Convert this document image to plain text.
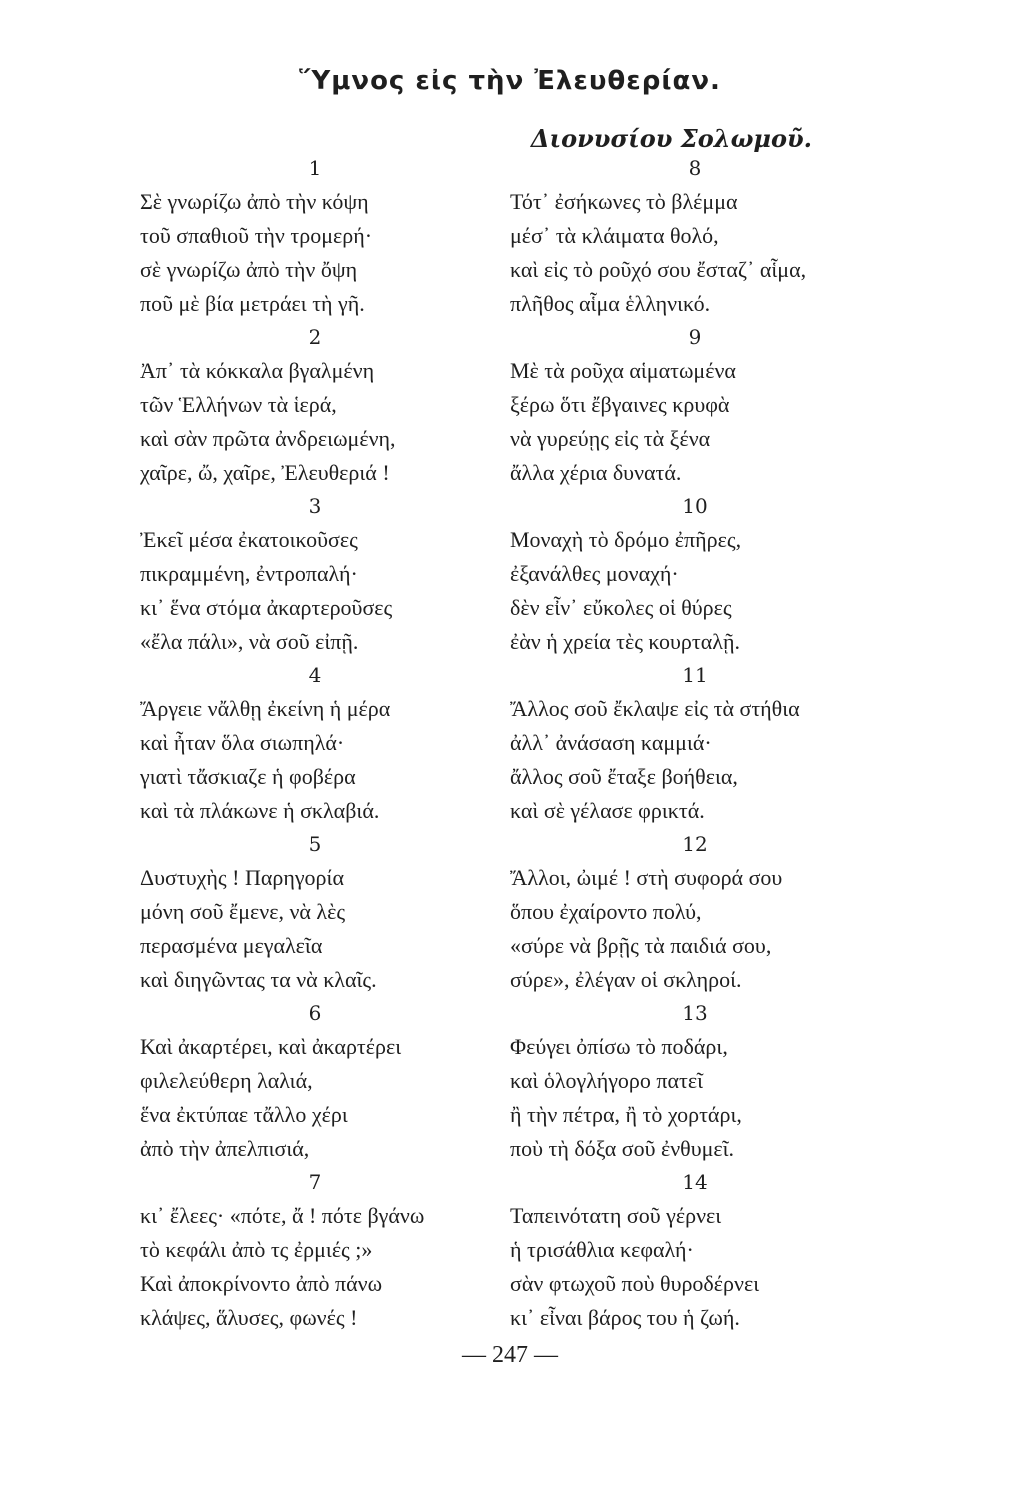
Ὕμνος εἰς τὴν Ἐλευθερίαν.
Διονυσίου Σολωμοῦ.
1
Σὲ γνωρίζω ἀπὸ τὴν κόψη
τοῦ σπαθιοῦ τὴν τρομερή·
σὲ γνωρίζω ἀπὸ τὴν ὄψη
ποῦ μὲ βία μετράει τὴ γῆ.
2
Ἀπ᾽ τὰ κόκκαλα βγαλμένη
τῶν Ἑλλήνων τὰ ἱερά,
καὶ σὰν πρῶτα ἀνδρειωμένη,
χαῖρε, ὤ, χαῖρε, Ἐλευθεριά !
3
Ἐκεῖ μέσα ἐκατοικοῦσες
πικραμμένη, ἐντροπαλή·
κι᾽ ἕνα στόμα ἀκαρτεροῦσες
«ἔλα πάλι», νὰ σοῦ εἰπῇ.
4
Ἄργειε νἄλθῃ ἐκείνη ἡ μέρα
καὶ ἦταν ὅλα σιωπηλά·
γιατὶ τἄσκιαζε ἡ φοβέρα
καὶ τὰ πλάκωνε ἡ σκλαβιά.
5
Δυστυχὴς ! Παρηγορία
μόνη σοῦ ἔμενε, νὰ λὲς
περασμένα μεγαλεῖα
καὶ διηγῶντας τα νὰ κλαῖς.
6
Καὶ ἀκαρτέρει, καὶ ἀκαρτέρει
φιλελεύθερη λαλιά,
ἕνα ἐκτύπαε τἄλλο χέρι
ἀπὸ τὴν ἀπελπισιά,
7
κι᾽ ἔλεες· «πότε, ἄ ! πότε βγάνω
τὸ κεφάλι ἀπὸ τς ἐρμιές ;»
Καὶ ἀποκρίνοντο ἀπὸ πάνω
κλάψες, ἅλυσες, φωνές !
8
Τότ᾽ ἐσήκωνες τὸ βλέμμα
μέσ᾽ τὰ κλάιματα θολό,
καὶ εἰς τὸ ροῦχό σου ἔσταζ᾽ αἷμα,
πλῆθος αἷμα ἑλληνικό.
9
Μὲ τὰ ροῦχα αἱματωμένα
ξέρω ὅτι ἔβγαινες κρυφὰ
νὰ γυρεύῃς εἰς τὰ ξένα
ἄλλα χέρια δυνατά.
10
Μοναχὴ τὸ δρόμο ἐπῆρες,
ἐξανάλθες μοναχή·
δὲν εἶν᾽ εὔκολες οἱ θύρες
ἐὰν ἡ χρεία τὲς κουρταλῇ.
11
Ἄλλος σοῦ ἔκλαψε εἰς τὰ στήθια
ἀλλ᾽ ἀνάσαση καμμιά·
ἄλλος σοῦ ἔταξε βοήθεια,
καὶ σὲ γέλασε φρικτά.
12
Ἄλλοι, ὠιμέ ! στὴ συφορά σου
ὅπου ἐχαίροντο πολύ,
«σύρε νὰ βρῇς τὰ παιδιά σου,
σύρε», ἐλέγαν οἱ σκληροί.
13
Φεύγει ὀπίσω τὸ ποδάρι,
καὶ ὁλογλήγορο πατεῖ
ἢ τὴν πέτρα, ἢ τὸ χορτάρι,
ποὺ τὴ δόξα σοῦ ἐνθυμεῖ.
14
Ταπεινότατη σοῦ γέρνει
ἡ τρισάθλια κεφαλή·
σὰν φτωχοῦ ποὺ θυροδέρνει
κι᾽ εἶναι βάρος του ἡ ζωή.
— 247 —
